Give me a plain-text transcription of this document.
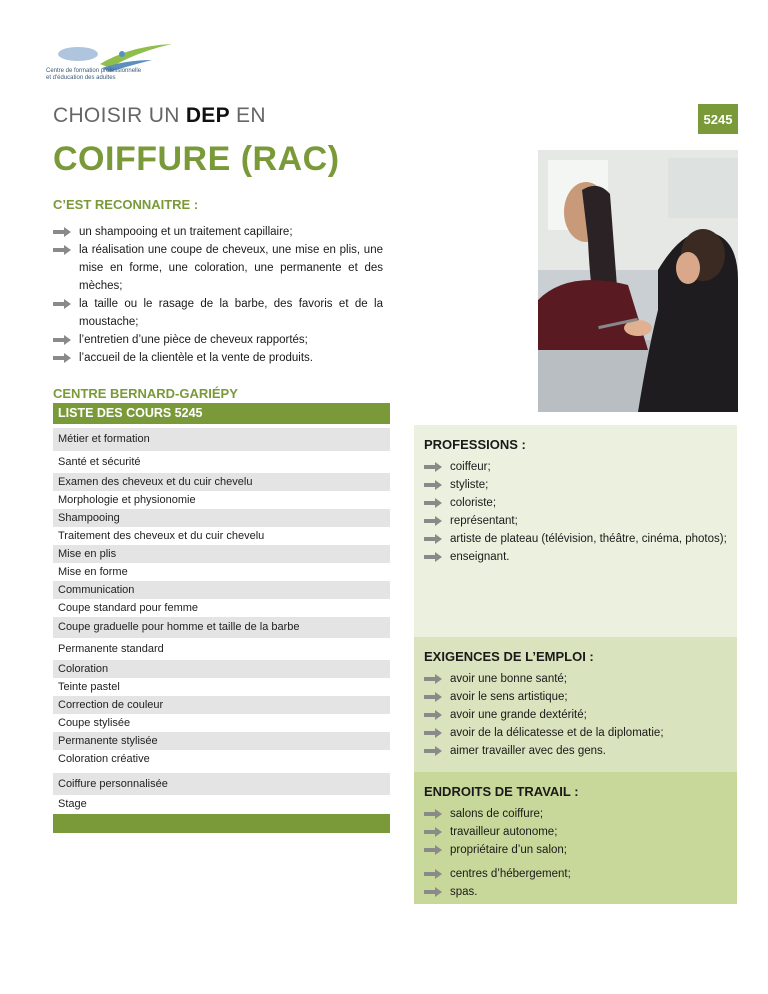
Centre de formation professionnelle
et d'éducation des adultes
CHOISIR UN DEP EN
COIFFURE (RAC)
5245
C’EST RECONNAITRE :
un shampooing et un traitement capillaire;
la réalisation une coupe de cheveux, une mise en plis, une mise en forme, une coloration, une permanente et des mèches;
la taille ou le rasage de la barbe, des favoris et de la moustache;
l’entretien d’une pièce de cheveux rapportés;
l’accueil de la clientèle et la vente de produits.
CENTRE BERNARD-GARIÉPY
LISTE DES COURS 5245
Métier et formation
Santé et sécurité
Examen des cheveux et du cuir chevelu
Morphologie et physionomie
Shampooing
Traitement des cheveux et du cuir chevelu
Mise en plis
Mise en forme
Communication
Coupe standard pour femme
Coupe graduelle pour homme et taille de la barbe
Permanente standard
Coloration
Teinte pastel
Correction de couleur
Coupe stylisée
Permanente stylisée
Coloration créative
Coiffure personnalisée
Stage
PROFESSIONS :
coiffeur;
styliste;
coloriste;
représentant;
artiste de plateau (télévision, théâtre, cinéma, photos);
enseignant.
EXIGENCES DE L’EMPLOI :
avoir une bonne santé;
avoir le sens artistique;
avoir une grande dextérité;
avoir de la délicatesse et de la diplomatie;
aimer travailler avec des gens.
ENDROITS DE TRAVAIL :
salons de coiffure;
travailleur autonome;
propriétaire d’un salon;
centres d’hébergement;
spas.
